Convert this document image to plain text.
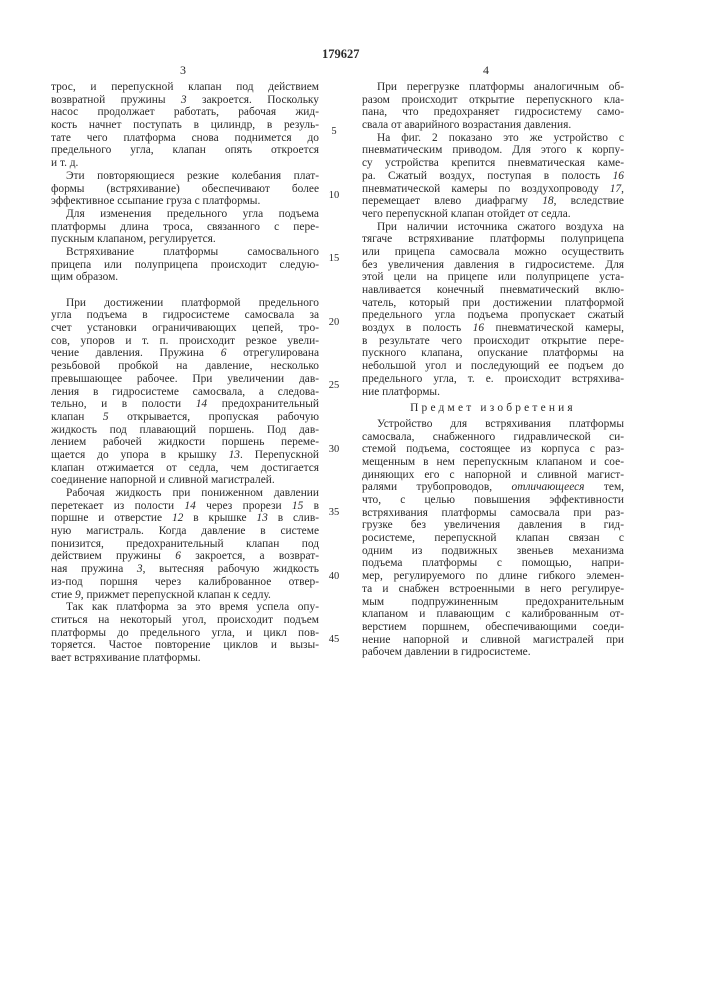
179627
3	4
трос, и перепускной клапан под действием
возвратной пружины 3 закроется. Поскольку
насос продолжает работать, рабочая жид-
кость начнет поступать в цилиндр, в резуль-
тате чего платформа снова поднимется до
предельного угла, клапан опять откроется
и т. д.
Эти повторяющиеся резкие колебания плат-
формы (встряхивание) обеспечивают более
эффективное ссыпание груза с платформы.
Для изменения предельного угла подъема
платформы длина троса, связанного с пере-
пускным клапаном, регулируется.
Встряхивание платформы самосвального
прицепа или полуприцепа происходит следую-
щим образом.
При достижении платформой предельного
угла подъема в гидросистеме самосвала за
счет установки ограничивающих цепей, тро-
сов, упоров и т. п. происходит резкое увели-
чение давления. Пружина 6 отрегулирована
резьбовой пробкой на давление, несколько
превышающее рабочее. При увеличении дав-
ления в гидросистеме самосвала, а следова-
тельно, и в полости 14 предохранительный
клапан 5 открывается, пропуская рабочую
жидкость под плавающий поршень. Под дав-
лением рабочей жидкости поршень переме-
щается до упора в крышку 13. Перепускной
клапан отжимается от седла, чем достигается
соединение напорной и сливной магистралей.
Рабочая жидкость при пониженном давлении
перетекает из полости 14 через прорези 15 в
поршне и отверстие 12 в крышке 13 в слив-
ную магистраль. Когда давление в системе
понизится, предохранительный клапан под
действием пружины 6 закроется, а возврат-
ная пружина 3, вытесняя рабочую жидкость
из-под поршня через калиброванное отвер-
стие 9, прижмет перепускной клапан к седлу.
Так как платформа за это время успела опу-
ститься на некоторый угол, происходит подъем
платформы до предельного угла, и цикл пов-
торяется. Частое повторение циклов и вызы-
вает встряхивание платформы.
При перегрузке платформы аналогичным об-
разом происходит открытие перепускного кла-
пана, что предохраняет гидросистему само-
свала от аварийного возрастания давления.
На фиг. 2 показано это же устройство с
пневматическим приводом. Для этого к корпу-
су устройства крепится пневматическая каме-
ра. Сжатый воздух, поступая в полость 16
пневматической камеры по воздухопроводу 17,
перемещает влево диафрагму 18, вследствие
чего перепускной клапан отойдет от седла.
При наличии источника сжатого воздуха на
тягаче встряхивание платформы полуприцепа
или прицепа самосвала можно осуществить
без увеличения давления в гидросистеме. Для
этой цели на прицепе или полуприцепе уста-
навливается конечный пневматический вклю-
чатель, который при достижении платформой
предельного угла подъема пропускает сжатый
воздух в полость 16 пневматической камеры,
в результате чего происходит открытие пере-
пускного клапана, опускание платформы на
небольшой угол и последующий ее подъем до
предельного угла, т. е. происходит встряхива-
ние платформы.
Предмет изобретения
Устройство для встряхивания платформы
самосвала, снабженного гидравлической си-
стемой подъема, состоящее из корпуса с раз-
мещенным в нем перепускным клапаном и сое-
диняющих его с напорной и сливной магист-
ралями трубопроводов, отличающееся тем,
что, с целью повышения эффективности
встряхивания платформы самосвала при раз-
грузке без увеличения давления в гид-
росистеме, перепускной клапан связан с
одним из подвижных звеньев механизма
подъема платформы с помощью, напри-
мер, регулируемого по длине гибкого элемен-
та и снабжен встроенными в него регулируе-
мым подпружиненным предохранительным
клапаном и плавающим с калиброванным от-
верстием поршнем, обеспечивающими соеди-
нение напорной и сливной магистралей при
рабочем давлении в гидросистеме.
5
10
15
20
25
30
35
40
45
